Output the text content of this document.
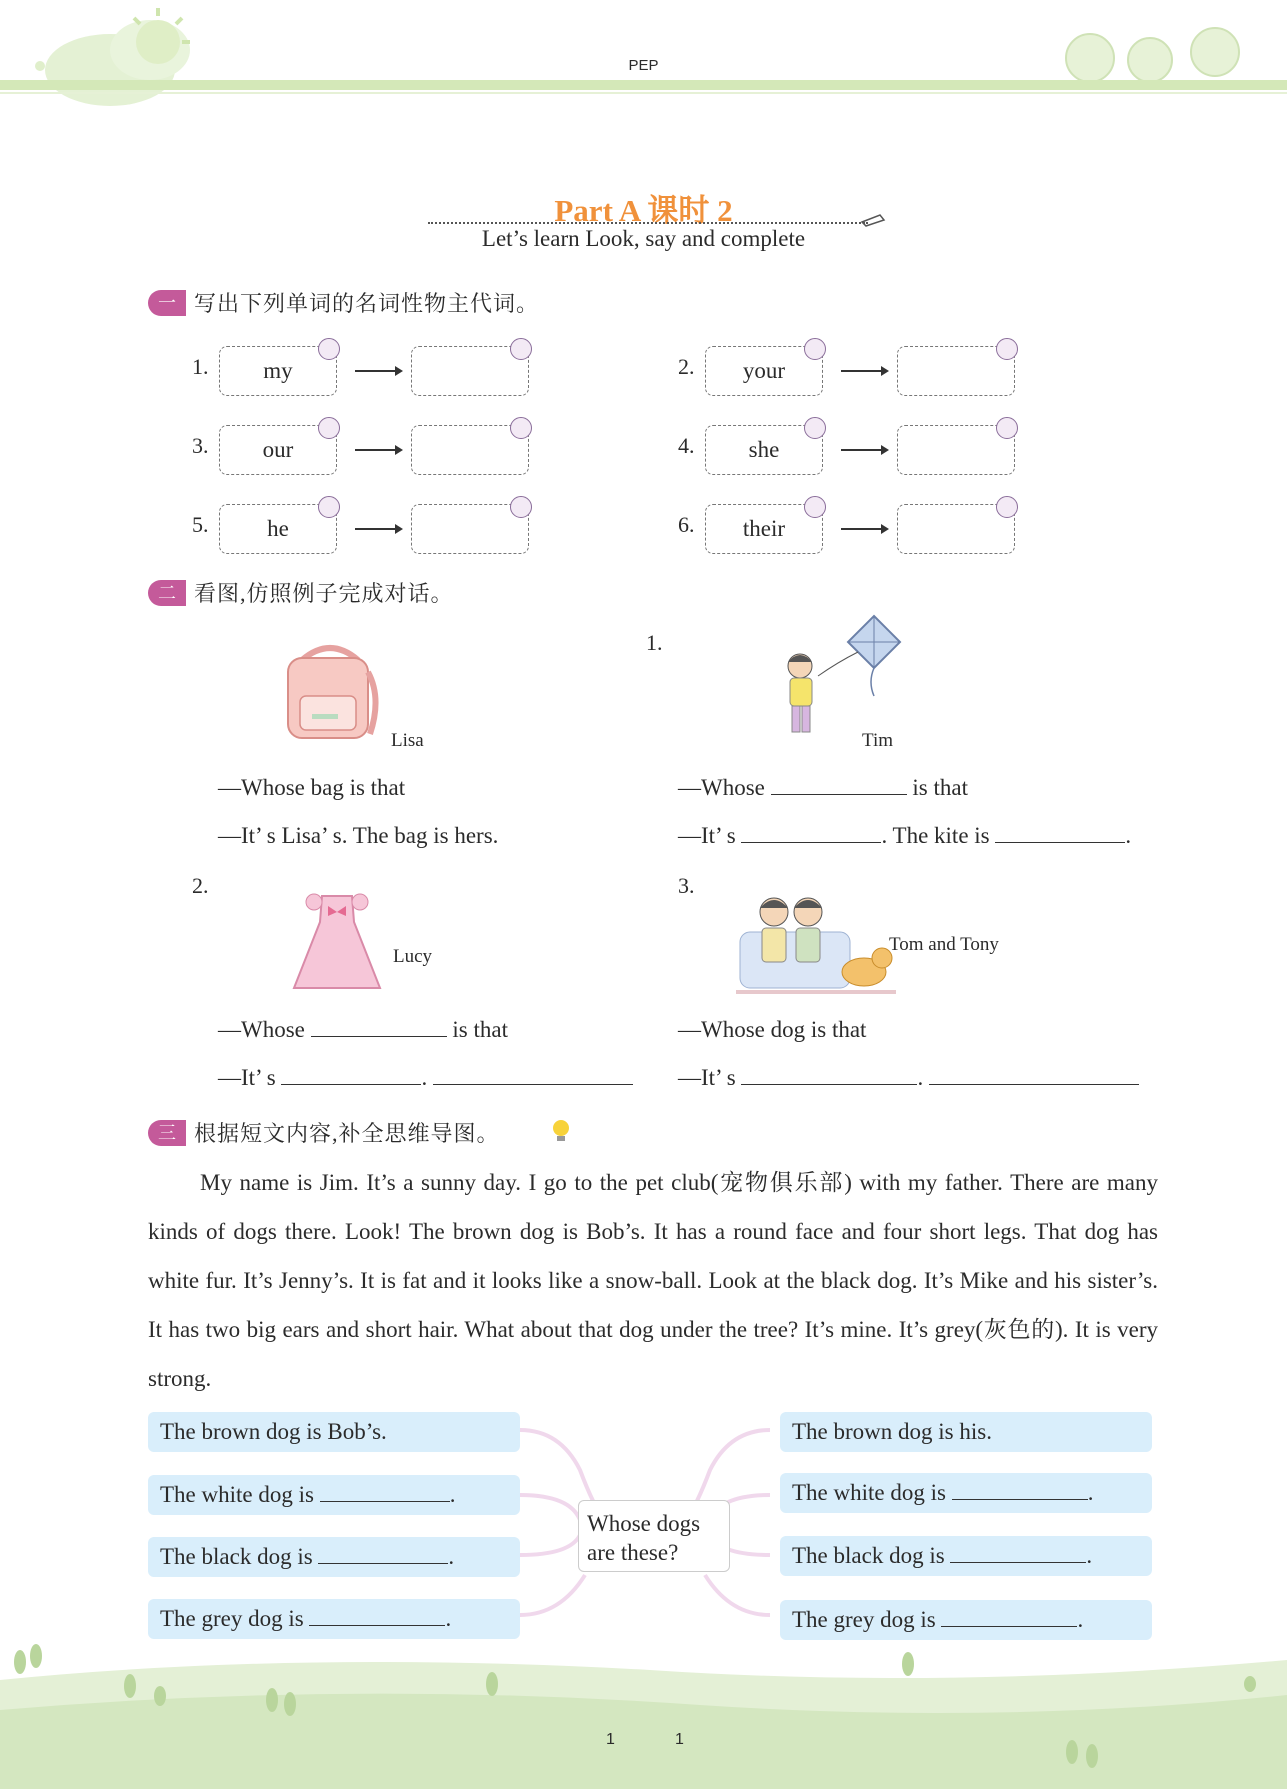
PEP
Part A 课时 2
Let’s learn Look, say and complete
一 写出下列单词的名词性物主代词。
1.	my	2.	your
3.	our	4.	she
5.	he	6.	their
二 看图,仿照例子完成对话。
Lisa
—Whose bag is that
—It’ s Lisa’ s. The bag is hers.
1.
Tim
—Whose	is that
—It’ s	. The kite is	.
2.
Lucy
—Whose	is that
—It’ s	.
3.
Tom and Tony
—Whose dog is that
—It’ s	.
三 根据短文内容,补全思维导图。
My name is Jim. It’s a sunny day. I go to the pet club(宠物俱乐部) with my father. There are many kinds of dogs there. Look! The brown dog is Bob’s. It has a round face and four short legs. That dog has white fur. It’s Jenny’s. It is fat and it looks like a snow-ball. Look at the black dog. It’s Mike and his sister’s. It has two big ears and short hair. What about that dog under the tree? It’s mine. It’s grey(灰色的). It is very strong.
The brown dog is Bob’s.
The white dog is	.
The black dog is	.
The grey dog is	.
Whose dogs are these?
The brown dog is his.
The white dog is	.
The black dog is	.
The grey dog is	.
1	1
